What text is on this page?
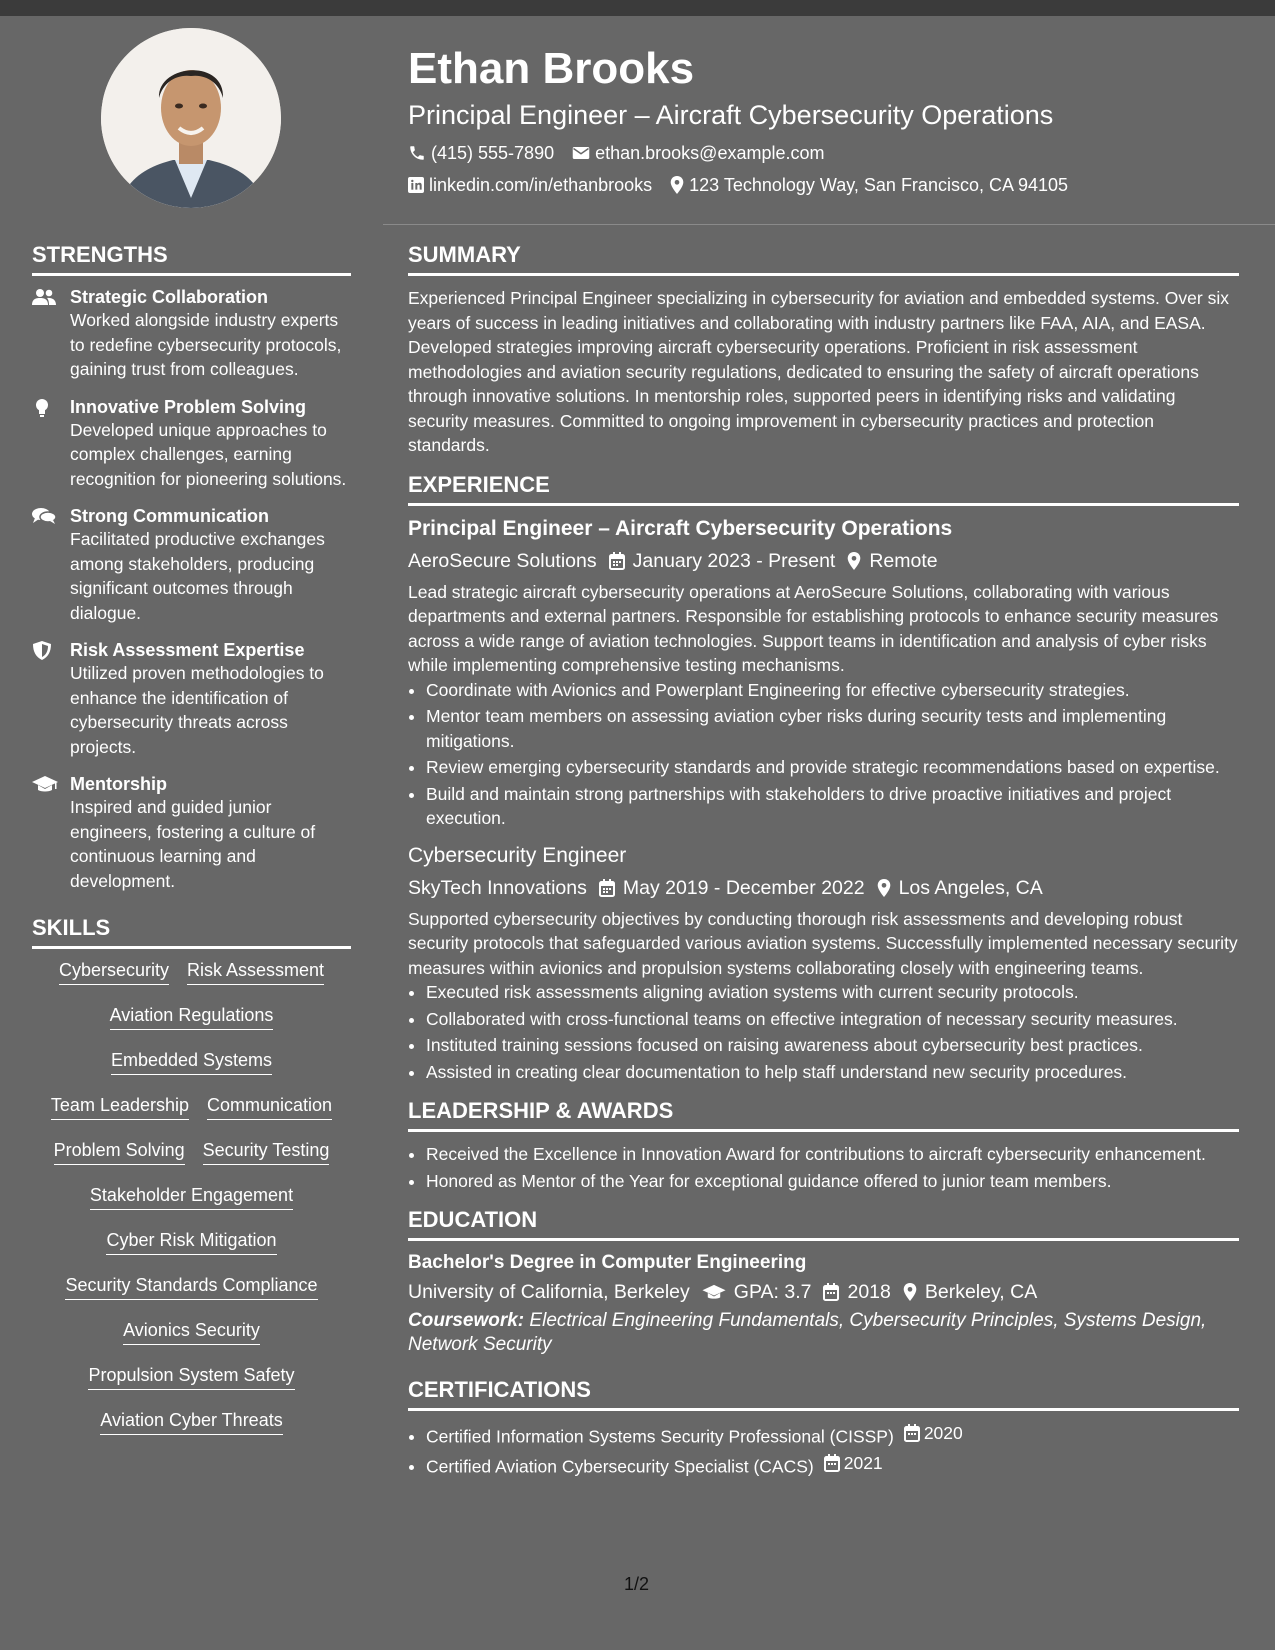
Ethan Brooks
Principal Engineer – Aircraft Cybersecurity Operations
(415) 555-7890 ethan.brooks@example.com
linkedin.com/in/ethanbrooks 123 Technology Way, San Francisco, CA 94105
STRENGTHS
Strategic Collaboration
Worked alongside industry experts to redefine cybersecurity protocols, gaining trust from colleagues.
Innovative Problem Solving
Developed unique approaches to complex challenges, earning recognition for pioneering solutions.
Strong Communication
Facilitated productive exchanges among stakeholders, producing significant outcomes through dialogue.
Risk Assessment Expertise
Utilized proven methodologies to enhance the identification of cybersecurity threats across projects.
Mentorship
Inspired and guided junior engineers, fostering a culture of continuous learning and development.
SKILLS
Cybersecurity Risk Assessment
Aviation Regulations
Embedded Systems
Team Leadership Communication
Problem Solving Security Testing
Stakeholder Engagement
Cyber Risk Mitigation
Security Standards Compliance
Avionics Security
Propulsion System Safety
Aviation Cyber Threats
SUMMARY

Experienced Principal Engineer specializing in cybersecurity for aviation and embedded systems. Over six years of success in leading initiatives and collaborating with industry partners like FAA, AIA, and EASA. Developed strategies improving aircraft cybersecurity operations. Proficient in risk assessment methodologies and aviation security regulations, dedicated to ensuring the safety of aircraft operations through innovative solutions. In mentorship roles, supported peers in identifying risks and validating security measures. Committed to ongoing improvement in cybersecurity practices and protection standards.

EXPERIENCE
Principal Engineer – Aircraft Cybersecurity Operations
AeroSecure Solutions January 2023 - Present Remote

Lead strategic aircraft cybersecurity operations at AeroSecure Solutions, collaborating with various departments and external partners. Responsible for establishing protocols to enhance security measures across a wide range of aviation technologies. Support teams in identification and analysis of cyber risks while implementing comprehensive testing mechanisms.

• Coordinate with Avionics and Powerplant Engineering for effective cybersecurity strategies.
• Mentor team members on assessing aviation cyber risks during security tests and implementing mitigations.
• Review emerging cybersecurity standards and provide strategic recommendations based on expertise.
• Build and maintain strong partnerships with stakeholders to drive proactive initiatives and project execution.
Cybersecurity Engineer
SkyTech Innovations May 2019 - December 2022 Los Angeles, CA

Supported cybersecurity objectives by conducting thorough risk assessments and developing robust security protocols that safeguarded various aviation systems. Successfully implemented necessary security measures within avionics and propulsion systems collaborating closely with engineering teams.

• Executed risk assessments aligning aviation systems with current security protocols.
• Collaborated with cross-functional teams on effective integration of necessary security measures.
• Instituted training sessions focused on raising awareness about cybersecurity best practices.
• Assisted in creating clear documentation to help staff understand new security procedures.
LEADERSHIP & AWARDS
• Received the Excellence in Innovation Award for contributions to aircraft cybersecurity enhancement.
• Honored as Mentor of the Year for exceptional guidance offered to junior team members.
EDUCATION
Bachelor's Degree in Computer Engineering
University of California, Berkeley GPA: 3.7 2018 Berkeley, CA
Coursework: Electrical Engineering Fundamentals, Cybersecurity Principles, Systems Design, Network Security
CERTIFICATIONS
• Certified Information Systems Security Professional (CISSP) 2020
• Certified Aviation Cybersecurity Specialist (CACS) 2021
1/2
